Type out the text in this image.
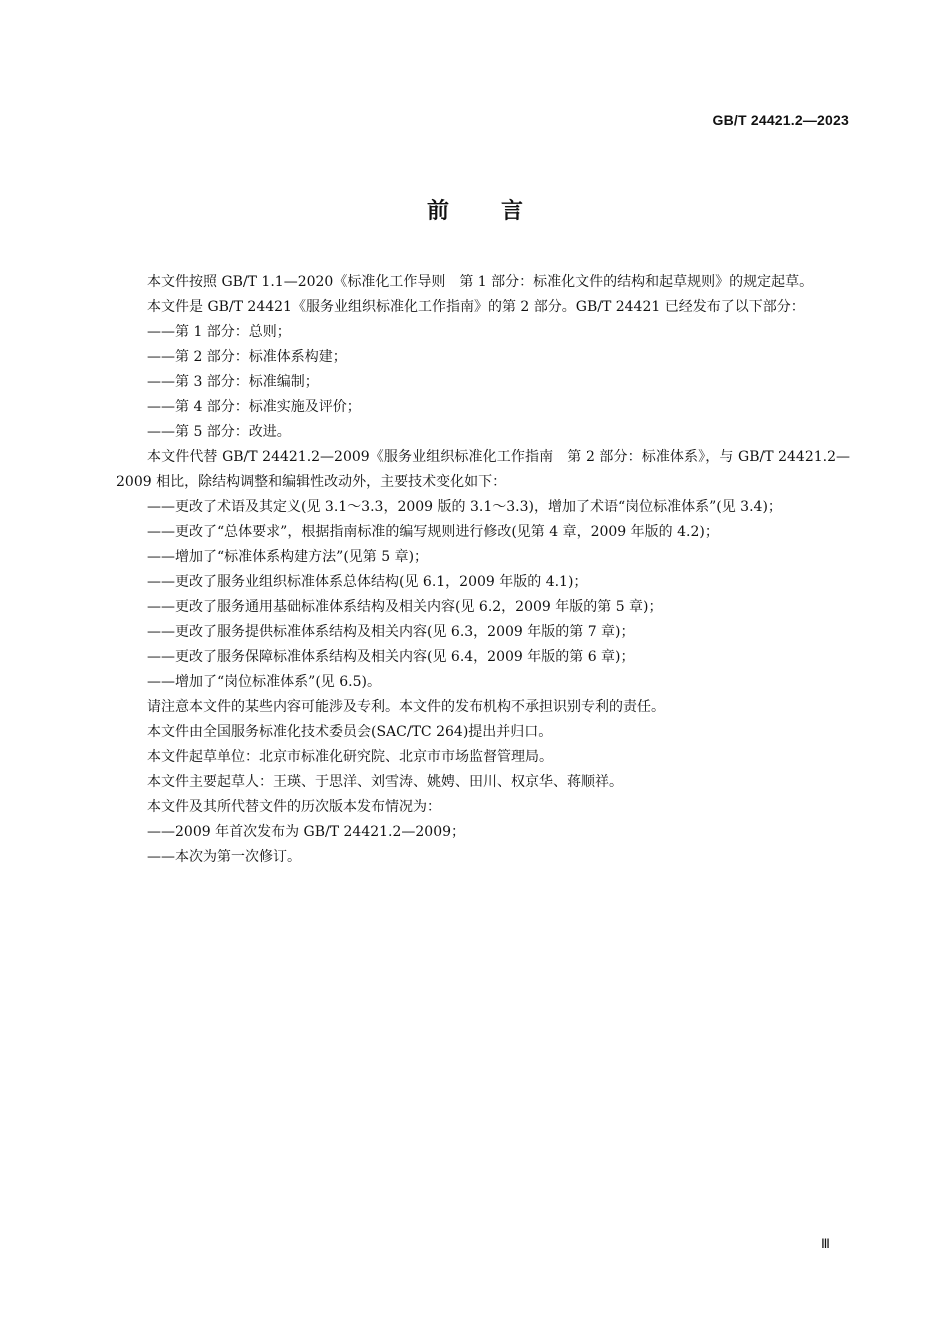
GB/T 24421.2—2023
前 言

本文件按照 GB/T 1.1—2020《标准化工作导则　第 1 部分：标准化文件的结构和起草规则》的规定起草。

本文件是 GB/T 24421《服务业组织标准化工作指南》的第 2 部分。GB/T 24421 已经发布了以下部分：

——第 1 部分：总则；

——第 2 部分：标准体系构建；

——第 3 部分：标准编制；

——第 4 部分：标准实施及评价；

——第 5 部分：改进。

本文件代替 GB/T 24421.2—2009《服务业组织标准化工作指南　第 2 部分：标准体系》，与 GB/T 24421.2—2009 相比，除结构调整和编辑性改动外，主要技术变化如下：

——更改了术语及其定义(见 3.1～3.3，2009 版的 3.1～3.3)，增加了术语“岗位标准体系”(见 3.4)；

——更改了“总体要求”，根据指南标准的编写规则进行修改(见第 4 章，2009 年版的 4.2)；

——增加了“标准体系构建方法”(见第 5 章)；

——更改了服务业组织标准体系总体结构(见 6.1，2009 年版的 4.1)；

——更改了服务通用基础标准体系结构及相关内容(见 6.2，2009 年版的第 5 章)；

——更改了服务提供标准体系结构及相关内容(见 6.3，2009 年版的第 7 章)；

——更改了服务保障标准体系结构及相关内容(见 6.4，2009 年版的第 6 章)；

——增加了“岗位标准体系”(见 6.5)。

请注意本文件的某些内容可能涉及专利。本文件的发布机构不承担识别专利的责任。

本文件由全国服务标准化技术委员会(SAC/TC 264)提出并归口。

本文件起草单位：北京市标准化研究院、北京市市场监督管理局。

本文件主要起草人：王瑛、于思洋、刘雪涛、姚娉、田川、权京华、蒋顺祥。

本文件及其所代替文件的历次版本发布情况为：

——2009 年首次发布为 GB/T 24421.2—2009；

——本次为第一次修订。

Ⅲ
